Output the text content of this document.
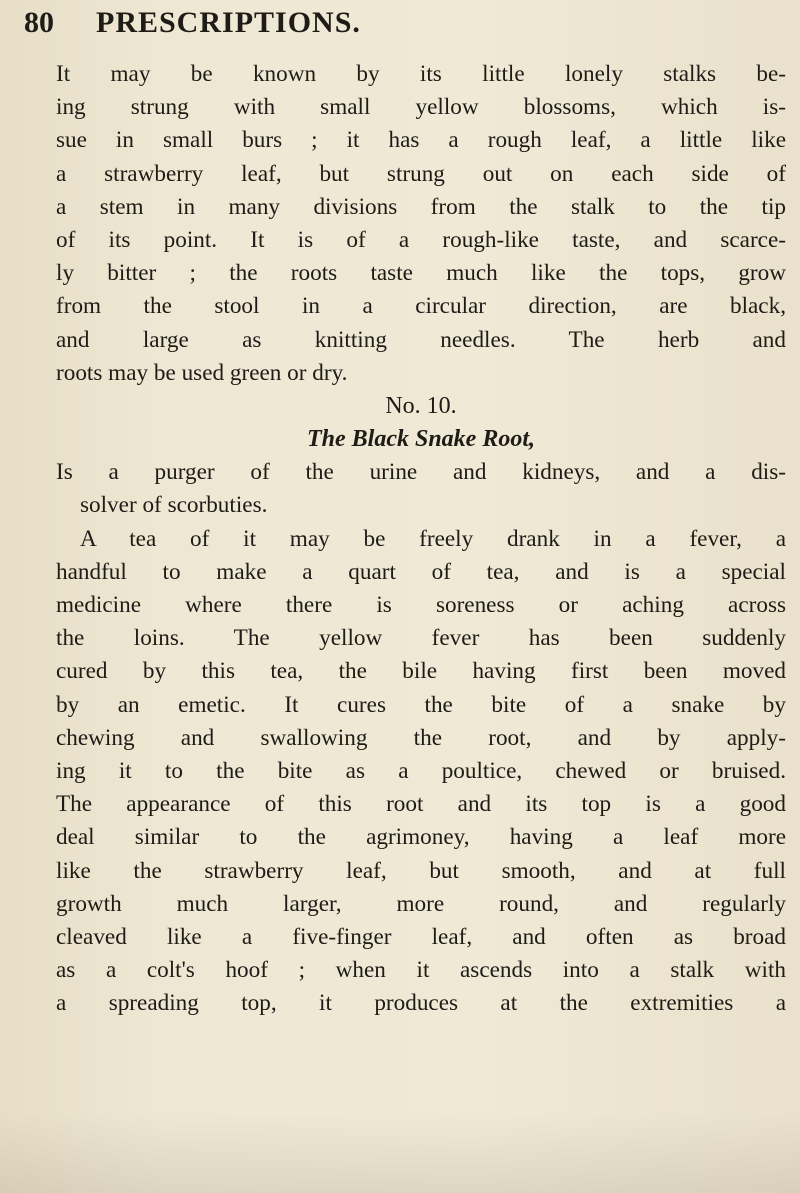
80 PRESCRIPTIONS.
It may be known by its little lonely stalks be-
ing strung with small yellow blossoms, which is-
sue in small burs ; it has a rough leaf, a little like
a strawberry leaf, but strung out on each side of
a stem in many divisions from the stalk to the tip
of its point. It is of a rough-like taste, and scarce-
ly bitter ; the roots taste much like the tops, grow
from the stool in a circular direction, are black,
and large as knitting needles. The herb and
roots may be used green or dry.
No. 10.
The Black Snake Root,
Is a purger of the urine and kidneys, and a dis-
solver of scorbuties.
A tea of it may be freely drank in a fever, a
handful to make a quart of tea, and is a special
medicine where there is soreness or aching across
the loins. The yellow fever has been suddenly
cured by this tea, the bile having first been moved
by an emetic. It cures the bite of a snake by
chewing and swallowing the root, and by apply-
ing it to the bite as a poultice, chewed or bruised.
The appearance of this root and its top is a good
deal similar to the agrimoney, having a leaf more
like the strawberry leaf, but smooth, and at full
growth much larger, more round, and regularly
cleaved like a five-finger leaf, and often as broad
as a colt's hoof ; when it ascends into a stalk with
a spreading top, it produces at the extremities a
